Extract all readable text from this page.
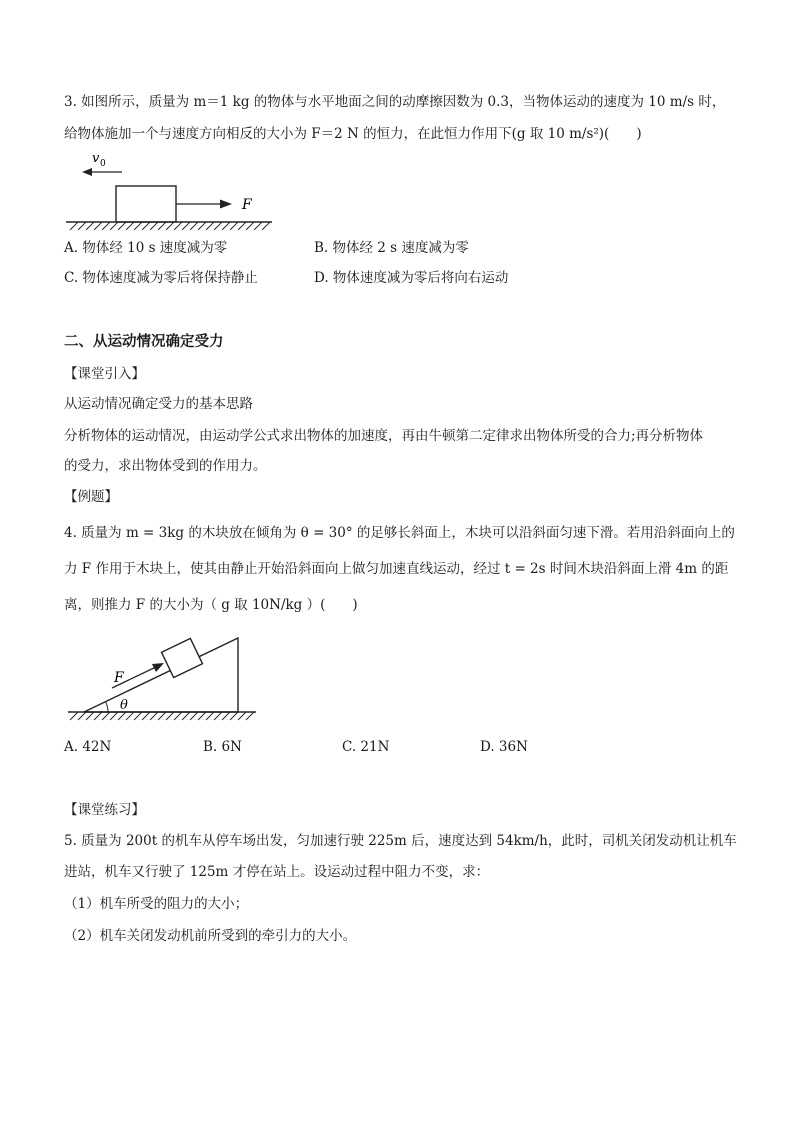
3. 如图所示，质量为 m＝1 kg 的物体与水平地面之间的动摩擦因数为 0.3，当物体运动的速度为 10 m/s 时，
给物体施加一个与速度方向相反的大小为 F＝2 N 的恒力，在此恒力作用下(g 取 10 m/s²)(　　)
v 0
F
A. 物体经 10 s 速度减为零	B. 物体经 2 s 速度减为零
C. 物体速度减为零后将保持静止	D. 物体速度减为零后将向右运动
二、从运动情况确定受力
【课堂引入】
从运动情况确定受力的基本思路
分析物体的运动情况，由运动学公式求出物体的加速度，再由牛顿第二定律求出物体所受的合力;再分析物体
的受力，求出物体受到的作用力。
【例题】
4. 质量为 m = 3kg 的木块放在倾角为 θ = 30° 的足够长斜面上，木块可以沿斜面匀速下滑。若用沿斜面向上的
力 F 作用于木块上，使其由静止开始沿斜面向上做匀加速直线运动，经过 t = 2s 时间木块沿斜面上滑 4m 的距
离，则推力 F 的大小为（ g 取 10N/kg ）(　　)
F
θ
A. 42N	B. 6N	C. 21N	D. 36N
【课堂练习】
5. 质量为 200t 的机车从停车场出发，匀加速行驶 225m 后，速度达到 54km/h，此时，司机关闭发动机让机车
进站，机车又行驶了 125m 才停在站上。设运动过程中阻力不变，求：
（1）机车所受的阻力的大小；
（2）机车关闭发动机前所受到的牵引力的大小。
